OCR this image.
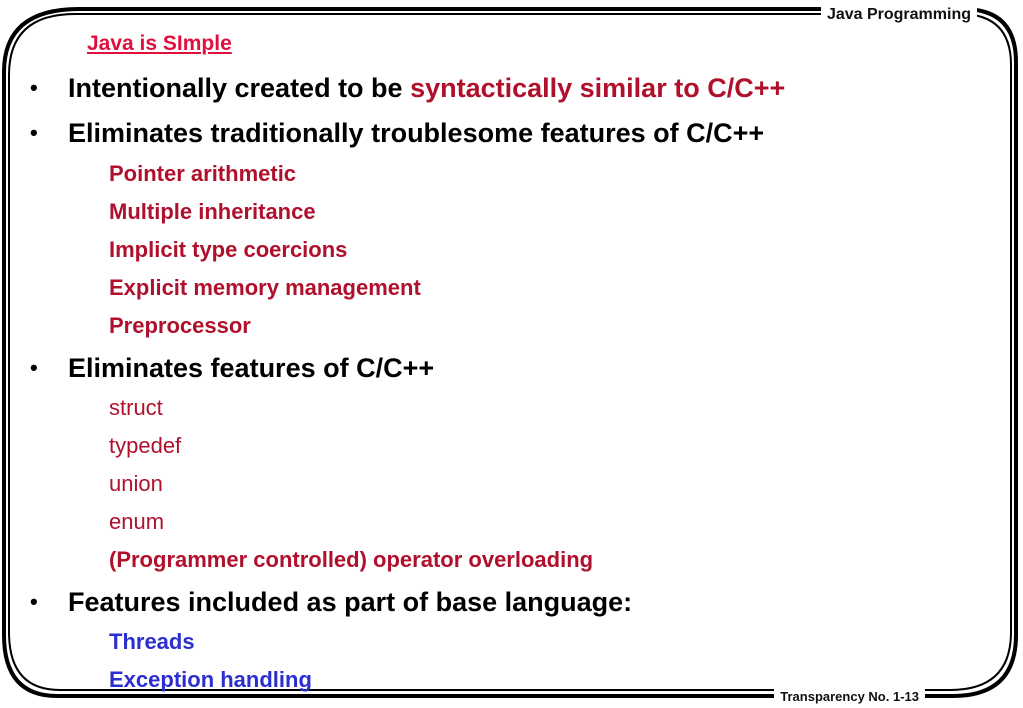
Java Programming
Transparency No. 1-13
Java is SImple
• Intentionally created to be syntactically similar to C/C++
• Eliminates traditionally troublesome features of C/C++
Pointer arithmetic
Multiple inheritance
Implicit type coercions
Explicit memory management
Preprocessor
• Eliminates features of C/C++
struct
typedef
union
enum
(Programmer controlled) operator overloading
• Features included as part of base language:
Threads
Exception handling
